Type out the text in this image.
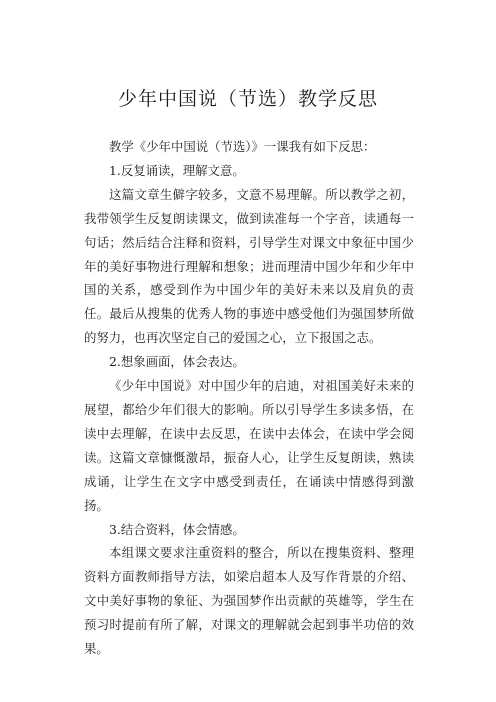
少年中国说（节选）教学反思

教学《少年中国说（节选）》一课我有如下反思：

1.反复诵读，理解文意。

这篇文章生僻字较多，文意不易理解。所以教学之初，我带领学生反复朗读课文，做到读准每一个字音，读通每一句话；然后结合注释和资料，引导学生对课文中象征中国少年的美好事物进行理解和想象；进而理清中国少年和少年中国的关系，感受到作为中国少年的美好未来以及肩负的责任。最后从搜集的优秀人物的事迹中感受他们为强国梦所做的努力，也再次坚定自己的爱国之心，立下报国之志。

2.想象画面，体会表达。

《少年中国说》对中国少年的启迪，对祖国美好未来的展望，都给少年们很大的影响。所以引导学生多读多悟，在读中去理解，在读中去反思，在读中去体会，在读中学会阅读。这篇文章慷慨激昂，振奋人心，让学生反复朗读，熟读成诵，让学生在文字中感受到责任，在诵读中情感得到激扬。

3.结合资料，体会情感。

本组课文要求注重资料的整合，所以在搜集资料、整理资料方面教师指导方法，如梁启超本人及写作背景的介绍、文中美好事物的象征、为强国梦作出贡献的英雄等，学生在预习时提前有所了解，对课文的理解就会起到事半功倍的效果。
